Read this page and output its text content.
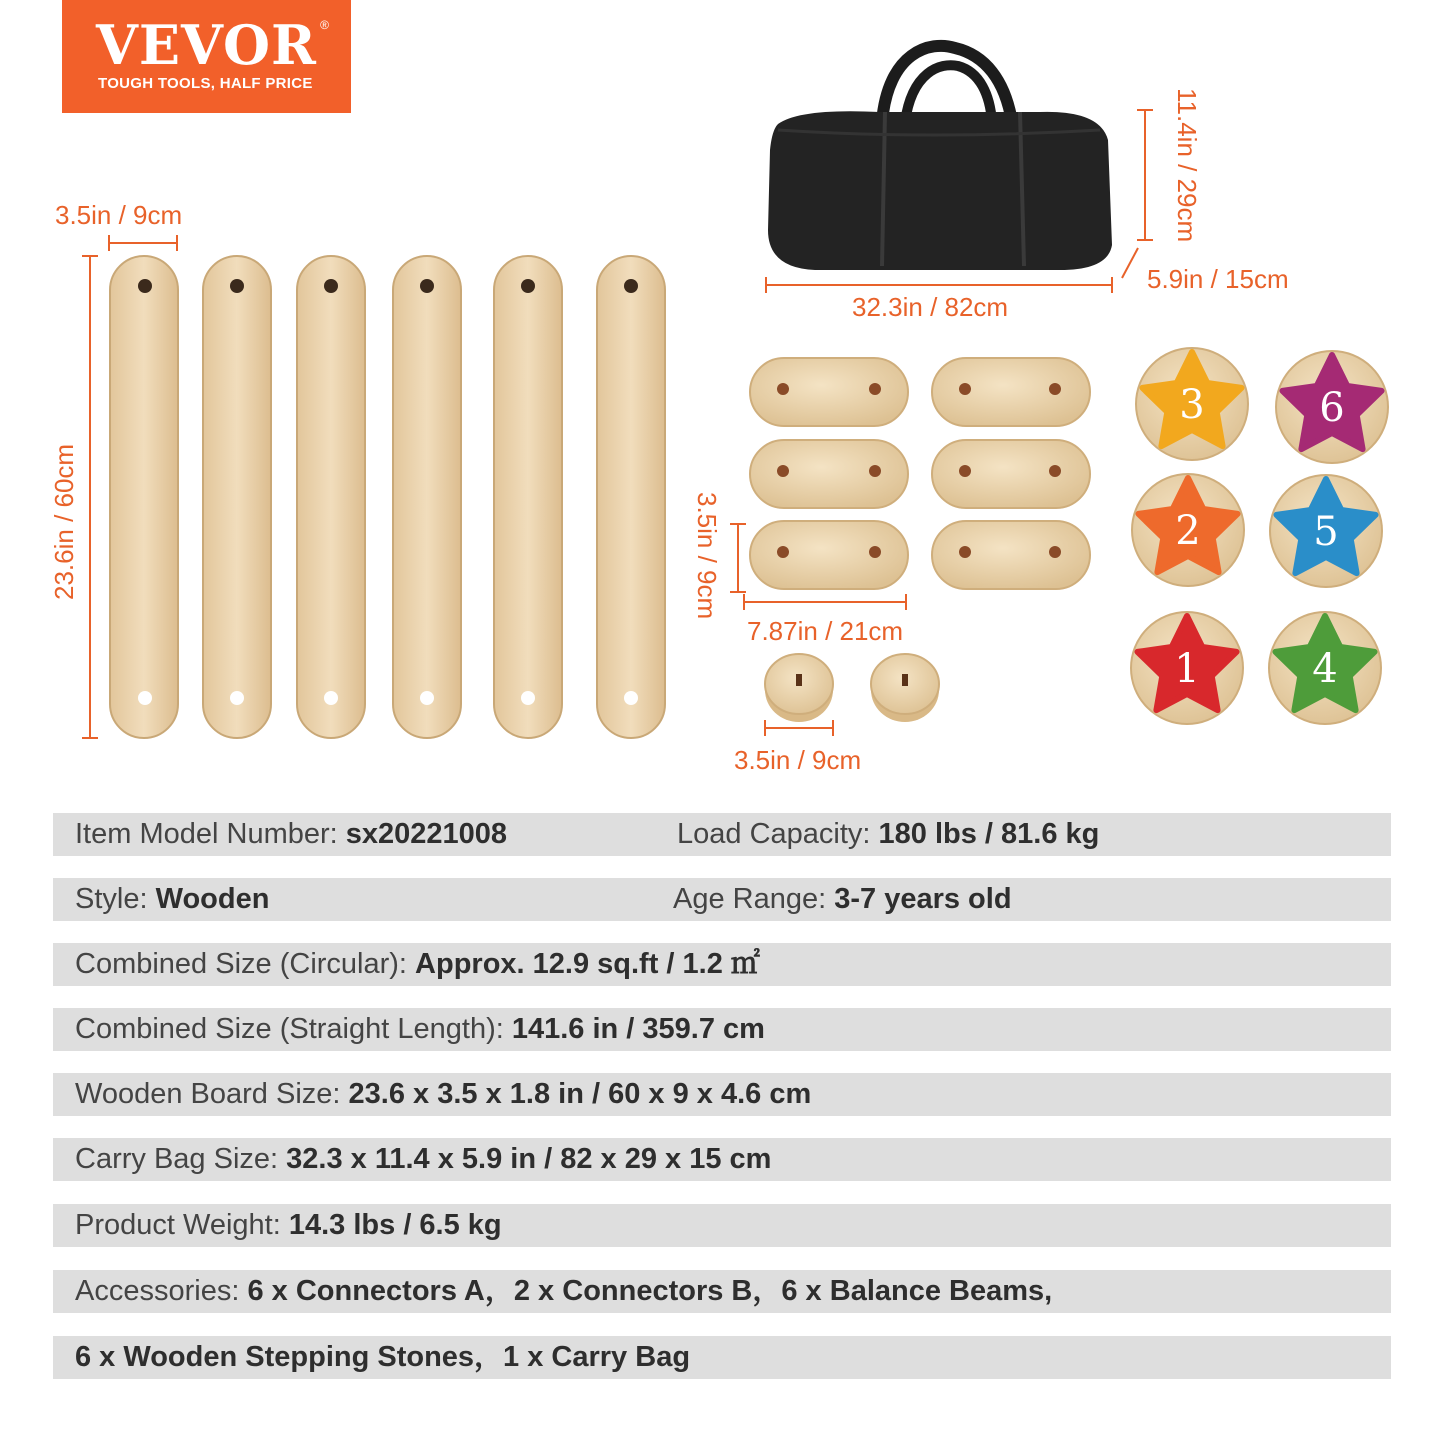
VEVOR ®
TOUGH TOOLS, HALF PRICE
3	6
2	5
1	4
3.5in / 9cm
23.6in / 60cm
11.4in / 29cm
5.9in / 15cm
32.3in / 82cm
3.5in / 9cm
7.87in / 21cm
3.5in / 9cm
Item Model Number: sx20221008	Load Capacity: 180 lbs / 81.6 kg
Style: Wooden	Age Range: 3-7 years old
Combined Size (Circular): Approx. 12.9 sq.ft / 1.2 ㎡
Combined Size (Straight Length): 141.6 in / 359.7 cm
Wooden Board Size: 23.6 x 3.5 x 1.8 in / 60 x 9 x 4.6 cm
Carry Bag Size: 32.3 x 11.4 x 5.9 in / 82 x 29 x 15 cm
Product Weight: 14.3 lbs / 6.5 kg
Accessories: 6 x Connectors A，2 x Connectors B，6 x Balance Beams,
6 x Wooden Stepping Stones，1 x Carry Bag
